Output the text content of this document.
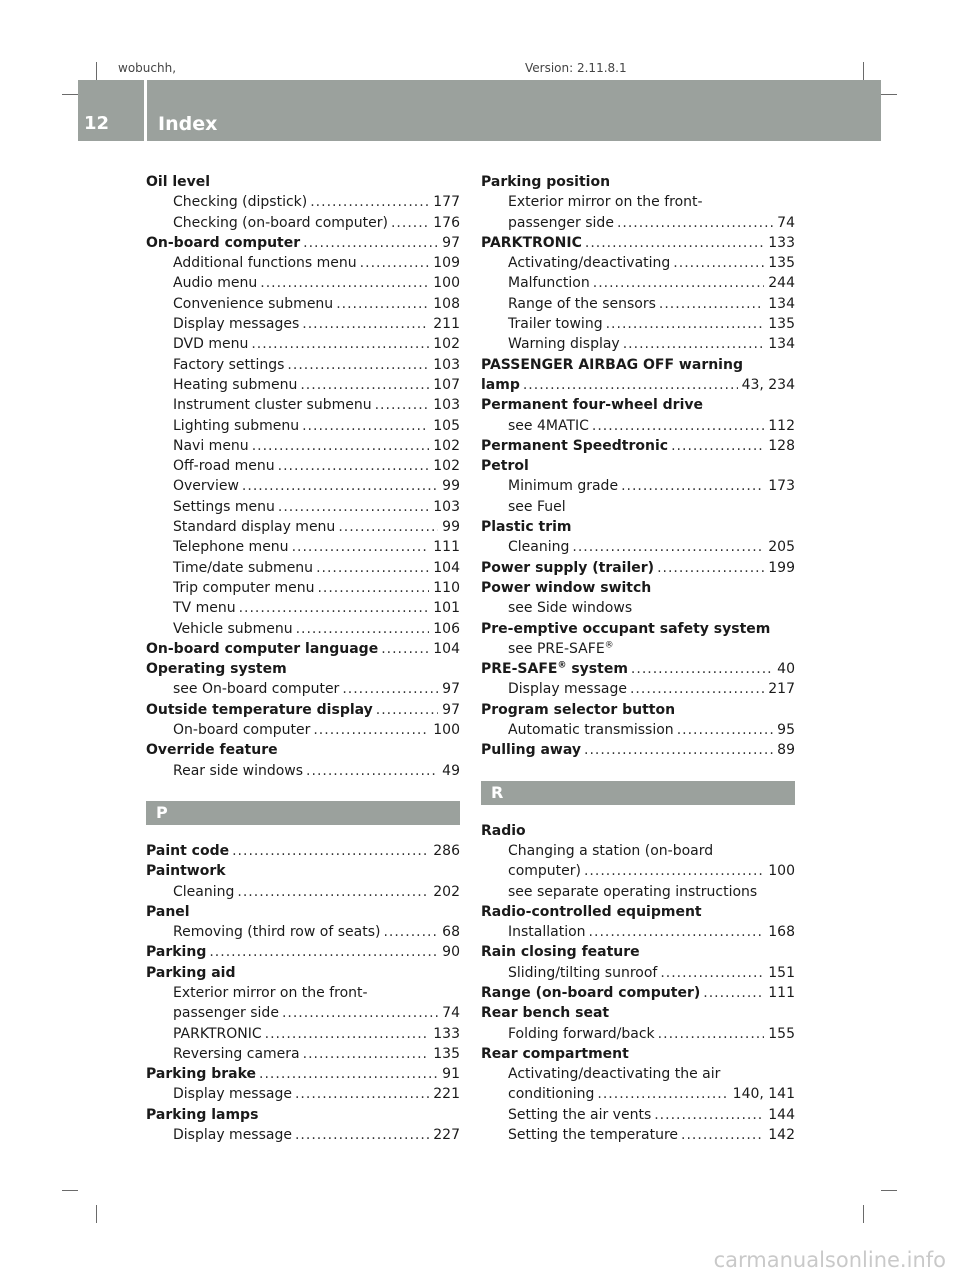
wobuchh,	Version: 2.11.8.1
12	Index
Oil level
Checking (dipstick) .....	177
Checking (on-board computer) .....	176
On-board computer .....	97
Additional functions menu .....	109
Audio menu .....	100
Convenience submenu .....	108
Display messages .....	211
DVD menu .....	102
Factory settings .....	103
Heating submenu .....	107
Instrument cluster submenu .....	103
Lighting submenu .....	105
Navi menu .....	102
Off-road menu .....	102
Overview .....	99
Settings menu .....	103
Standard display menu .....	99
Telephone menu .....	111
Time/date submenu .....	104
Trip computer menu .....	110
TV menu .....	101
Vehicle submenu .....	106
On-board computer language .....	104
Operating system
see On-board computer .....	97
Outside temperature display .....	97
On-board computer .....	100
Override feature
Rear side windows .....	49
P
Paint code .....	286
Paintwork
Cleaning .....	202
Panel
Removing (third row of seats) .....	68
Parking .....	90
Parking aid
Exterior mirror on the front-
passenger side .....	74
PARKTRONIC .....	133
Reversing camera .....	135
Parking brake .....	91
Display message .....	221
Parking lamps
Display message .....	227
Parking position
Exterior mirror on the front-
passenger side .....	74
PARKTRONIC .....	133
Activating/deactivating .....	135
Malfunction .....	244
Range of the sensors .....	134
Trailer towing .....	135
Warning display .....	134
PASSENGER AIRBAG OFF warning
lamp .....	43, 234
Permanent four-wheel drive
see 4MATIC .....	112
Permanent Speedtronic .....	128
Petrol
Minimum grade .....	173
see Fuel
Plastic trim
Cleaning .....	205
Power supply (trailer) .....	199
Power window switch
see Side windows
Pre-emptive occupant safety system
see PRE-SAFE®
PRE-SAFE® system .....	40
Display message .....	217
Program selector button
Automatic transmission .....	95
Pulling away .....	89
R
Radio
Changing a station (on-board
computer) .....	100
see separate operating instructions
Radio-controlled equipment
Installation .....	168
Rain closing feature
Sliding/tilting sunroof .....	151
Range (on-board computer) .....	111
Rear bench seat
Folding forward/back .....	155
Rear compartment
Activating/deactivating the air
conditioning .....	140, 141
Setting the air vents .....	144
Setting the temperature .....	142
carmanualsonline.info
